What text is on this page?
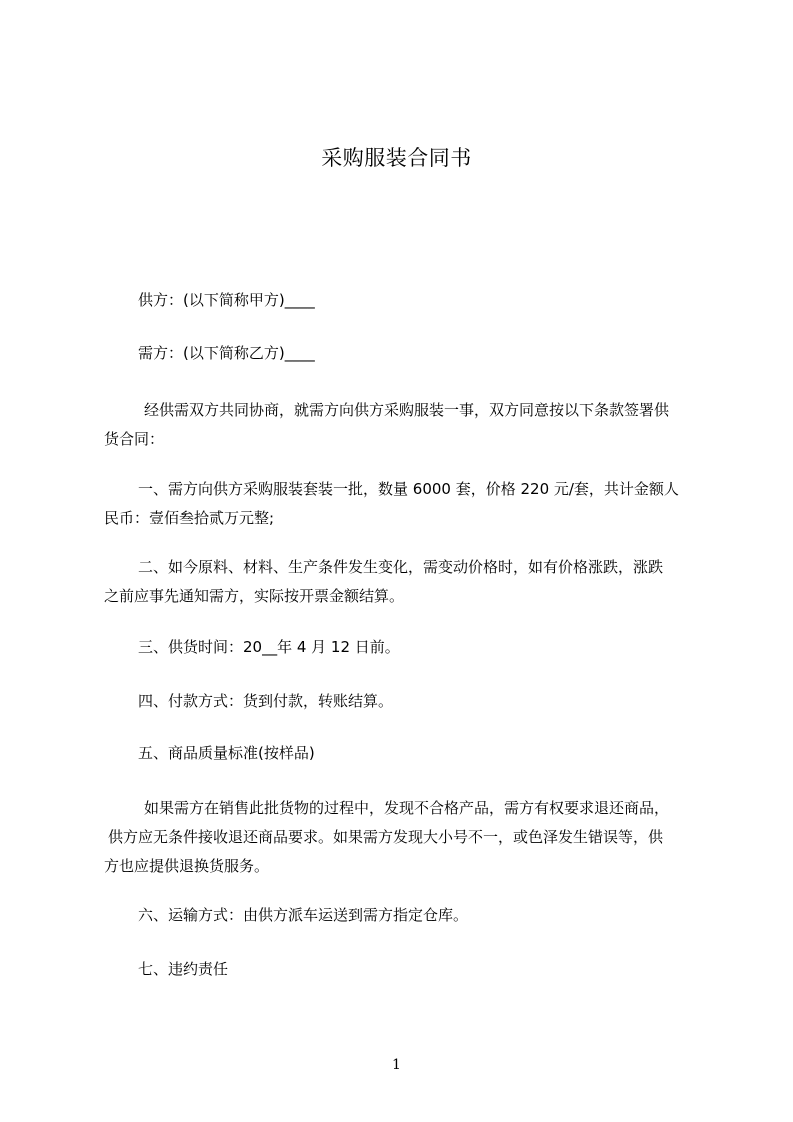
采购服装合同书
供方：(以下简称甲方)____
需方：(以下简称乙方)____
经供需双方共同协商，就需方向供方采购服装一事，双方同意按以下条款签署供
货合同：
一、需方向供方采购服装套装一批，数量 6000 套，价格 220 元/套，共计金额人
民币：壹佰叁拾贰万元整;
二、如今原料、材料、生产条件发生变化，需变动价格时，如有价格涨跌，涨跌
之前应事先通知需方，实际按开票金额结算。
三、供货时间：20__年 4 月 12 日前。
四、付款方式：货到付款，转账结算。
五、商品质量标准(按样品)
如果需方在销售此批货物的过程中，发现不合格产品，需方有权要求退还商品，
供方应无条件接收退还商品要求。如果需方发现大小号不一，或色泽发生错误等，供
方也应提供退换货服务。
六、运输方式：由供方派车运送到需方指定仓库。
七、违约责任
1
